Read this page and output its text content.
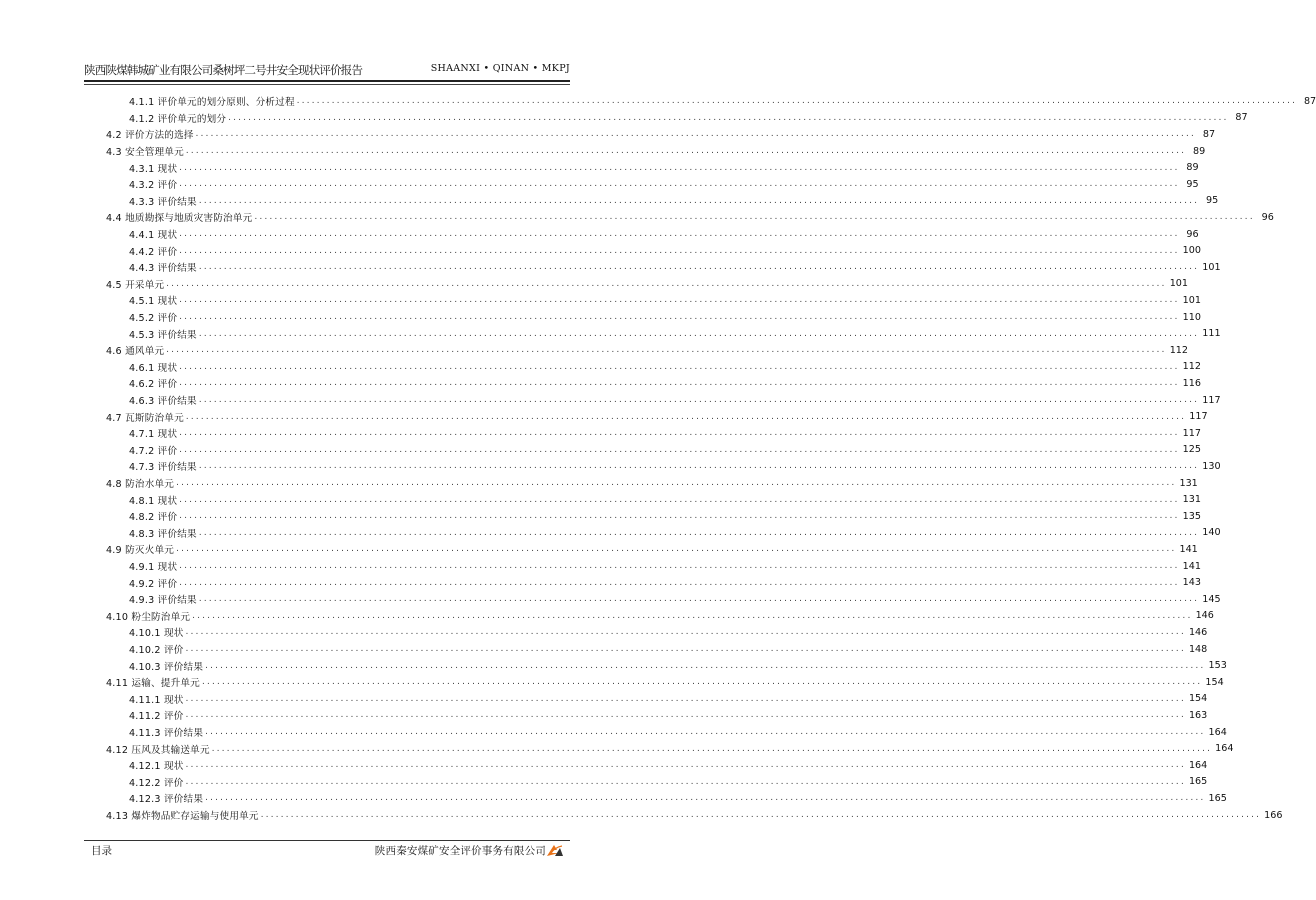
陕西陕煤韩城矿业有限公司桑树坪二号井安全现状评价报告	SHAANXI • QINAN • MKPJ
4.1.1 评价单元的划分原则、分析过程 ........................................................................................................................................................................................................ 87
4.1.2 评价单元的划分 ........................................................................................................................................................................................................ 87
4.2 评价方法的选择 ........................................................................................................................................................................................................ 87
4.3 安全管理单元 ........................................................................................................................................................................................................ 89
4.3.1 现状 ........................................................................................................................................................................................................ 89
4.3.2 评价 ........................................................................................................................................................................................................ 95
4.3.3 评价结果 ........................................................................................................................................................................................................ 95
4.4 地质勘探与地质灾害防治单元 ........................................................................................................................................................................................................ 96
4.4.1 现状 ........................................................................................................................................................................................................ 96
4.4.2 评价 ........................................................................................................................................................................................................ 100
4.4.3 评价结果 ........................................................................................................................................................................................................ 101
4.5 开采单元 ........................................................................................................................................................................................................ 101
4.5.1 现状 ........................................................................................................................................................................................................ 101
4.5.2 评价 ........................................................................................................................................................................................................ 110
4.5.3 评价结果 ........................................................................................................................................................................................................ 111
4.6 通风单元 ........................................................................................................................................................................................................ 112
4.6.1 现状 ........................................................................................................................................................................................................ 112
4.6.2 评价 ........................................................................................................................................................................................................ 116
4.6.3 评价结果 ........................................................................................................................................................................................................ 117
4.7 瓦斯防治单元 ........................................................................................................................................................................................................ 117
4.7.1 现状 ........................................................................................................................................................................................................ 117
4.7.2 评价 ........................................................................................................................................................................................................ 125
4.7.3 评价结果 ........................................................................................................................................................................................................ 130
4.8 防治水单元 ........................................................................................................................................................................................................ 131
4.8.1 现状 ........................................................................................................................................................................................................ 131
4.8.2 评价 ........................................................................................................................................................................................................ 135
4.8.3 评价结果 ........................................................................................................................................................................................................ 140
4.9 防灭火单元 ........................................................................................................................................................................................................ 141
4.9.1 现状 ........................................................................................................................................................................................................ 141
4.9.2 评价 ........................................................................................................................................................................................................ 143
4.9.3 评价结果 ........................................................................................................................................................................................................ 145
4.10 粉尘防治单元 ........................................................................................................................................................................................................ 146
4.10.1 现状 ........................................................................................................................................................................................................ 146
4.10.2 评价 ........................................................................................................................................................................................................ 148
4.10.3 评价结果 ........................................................................................................................................................................................................ 153
4.11 运输、提升单元 ........................................................................................................................................................................................................ 154
4.11.1 现状 ........................................................................................................................................................................................................ 154
4.11.2 评价 ........................................................................................................................................................................................................ 163
4.11.3 评价结果 ........................................................................................................................................................................................................ 164
4.12 压风及其输送单元 ........................................................................................................................................................................................................ 164
4.12.1 现状 ........................................................................................................................................................................................................ 164
4.12.2 评价 ........................................................................................................................................................................................................ 165
4.12.3 评价结果 ........................................................................................................................................................................................................ 165
4.13 爆炸物品贮存运输与使用单元 ........................................................................................................................................................................................................ 166
目录	陕西秦安煤矿安全评价事务有限公司
